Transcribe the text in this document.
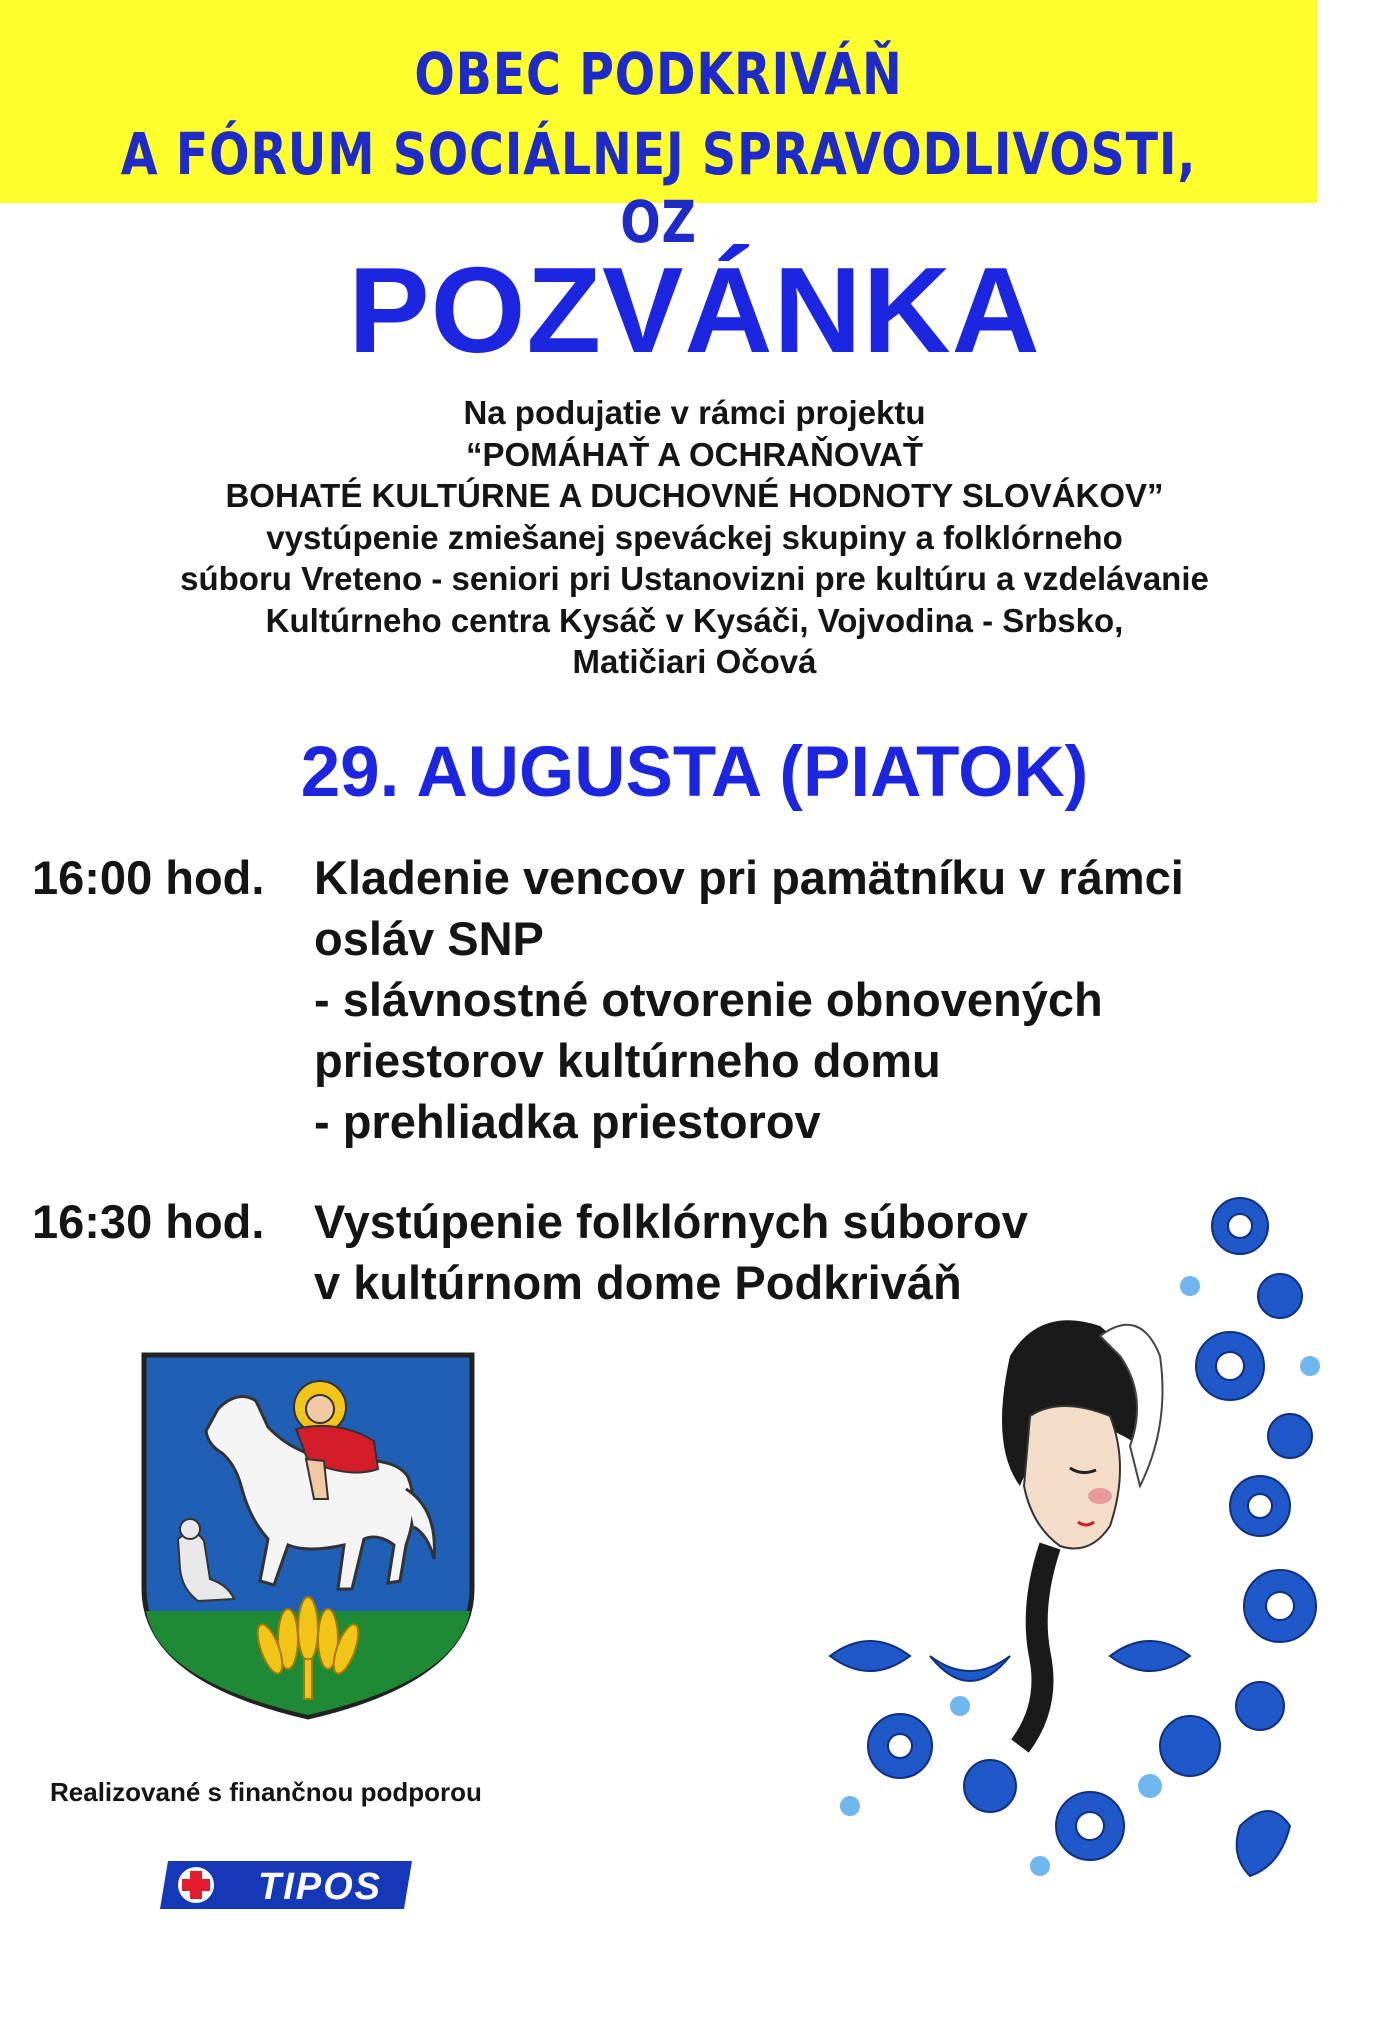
OBEC PODKRIVÁŇ
A FÓRUM SOCIÁLNEJ SPRAVODLIVOSTI, OZ
POZVÁNKA
Na podujatie v rámci projektu
“POMÁHAŤ A OCHRAŇOVAŤ
BOHATÉ KULTÚRNE A DUCHOVNÉ HODNOTY SLOVÁKOV”
vystúpenie zmiešanej speváckej skupiny a folklórneho
súboru Vreteno - seniori pri Ustanovizni pre kultúru a vzdelávanie
Kultúrneho centra Kysáč v Kysáči, Vojvodina - Srbsko,
Matičiari Očová
29. AUGUSTA (PIATOK)
16:00 hod. Kladenie vencov pri pamätníku v rámci
osláv SNP
- slávnostné otvorenie obnovených
priestorov kultúrneho domu
- prehliadka priestorov
16:30 hod. Vystúpenie folklórnych súborov
v kultúrnom dome Podkriváň
Realizované s finančnou podporou
TIPOS
